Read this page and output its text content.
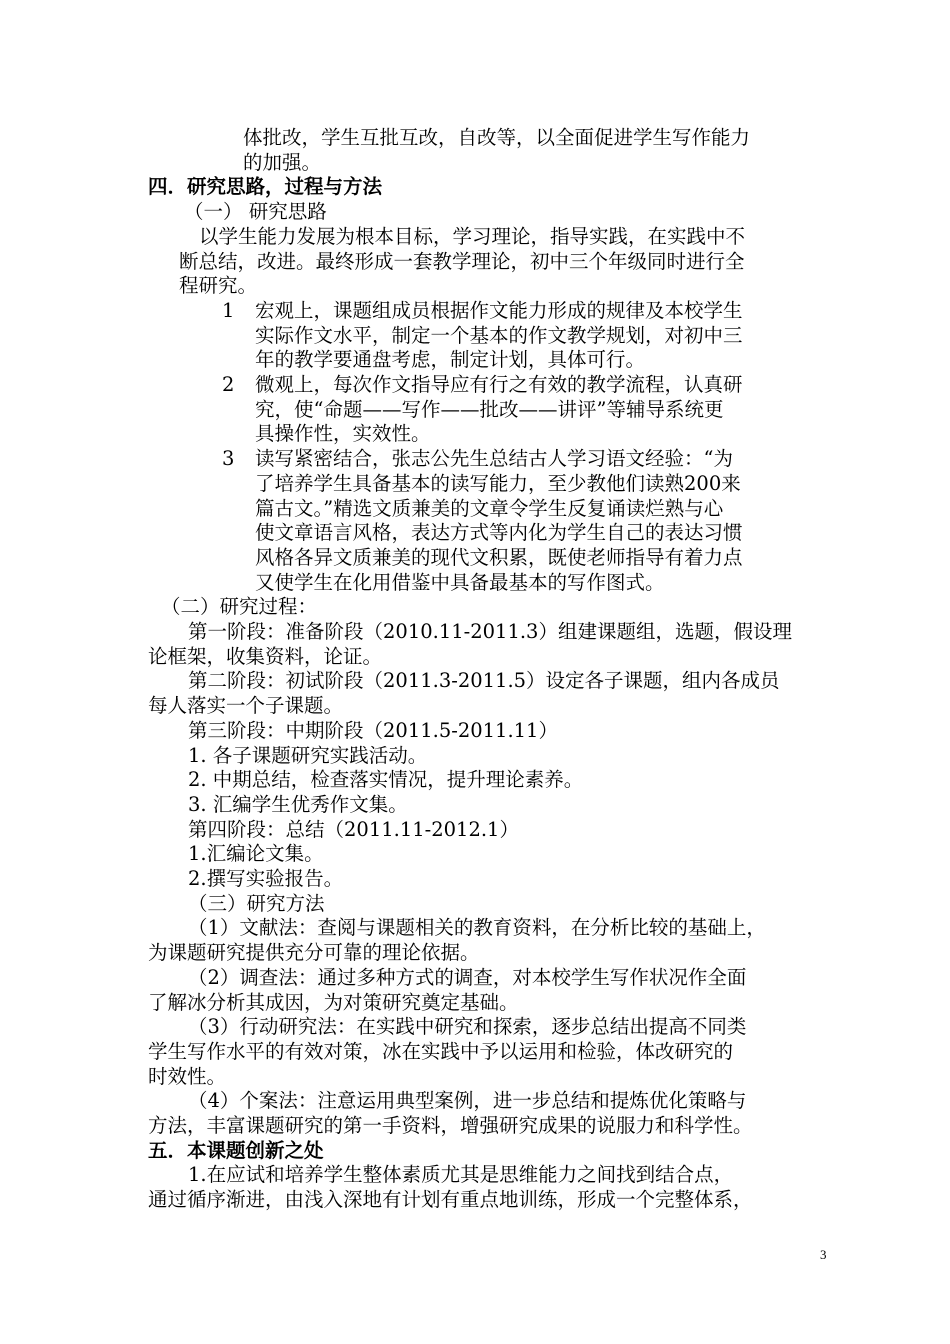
体批改，学生互批互改，自改等，以全面促进学生写作能力
的加强。
四．研究思路，过程与方法
（一） 研究思路
以学生能力发展为根本目标，学习理论，指导实践，在实践中不
断总结，改进。最终形成一套教学理论，初中三个年级同时进行全
程研究。
1 宏观上，课题组成员根据作文能力形成的规律及本校学生
实际作文水平，制定一个基本的作文教学规划，对初中三
年的教学要通盘考虑，制定计划，具体可行。
2 微观上，每次作文指导应有行之有效的教学流程，认真研
究，使“命题——写作——批改——讲评”等辅导系统更
具操作性，实效性。
3 读写紧密结合，张志公先生总结古人学习语文经验：“为
了培养学生具备基本的读写能力，至少教他们读熟200来
篇古文。”精选文质兼美的文章令学生反复诵读烂熟与心
使文章语言风格，表达方式等内化为学生自己的表达习惯
风格各异文质兼美的现代文积累，既使老师指导有着力点
又使学生在化用借鉴中具备最基本的写作图式。
（二）研究过程：
第一阶段：准备阶段（2010.11-2011.3）组建课题组，选题，假设理
论框架，收集资料，论证。
第二阶段：初试阶段（2011.3-2011.5）设定各子课题，组内各成员
每人落实一个子课题。
第三阶段：中期阶段（2011.5-2011.11）
1. 各子课题研究实践活动。
2. 中期总结，检查落实情况，提升理论素养。
3. 汇编学生优秀作文集。
第四阶段：总结（2011.11-2012.1）
1.汇编论文集。
2.撰写实验报告。
（三）研究方法
（1）文献法：查阅与课题相关的教育资料，在分析比较的基础上，
为课题研究提供充分可靠的理论依据。
（2）调查法：通过多种方式的调查，对本校学生写作状况作全面
了解冰分析其成因，为对策研究奠定基础。
（3）行动研究法：在实践中研究和探索，逐步总结出提高不同类
学生写作水平的有效对策，冰在实践中予以运用和检验，体改研究的
时效性。
（4）个案法：注意运用典型案例，进一步总结和提炼优化策略与
方法，丰富课题研究的第一手资料，增强研究成果的说服力和科学性。
五．本课题创新之处
1.在应试和培养学生整体素质尤其是思维能力之间找到结合点，
通过循序渐进，由浅入深地有计划有重点地训练，形成一个完整体系，
3
